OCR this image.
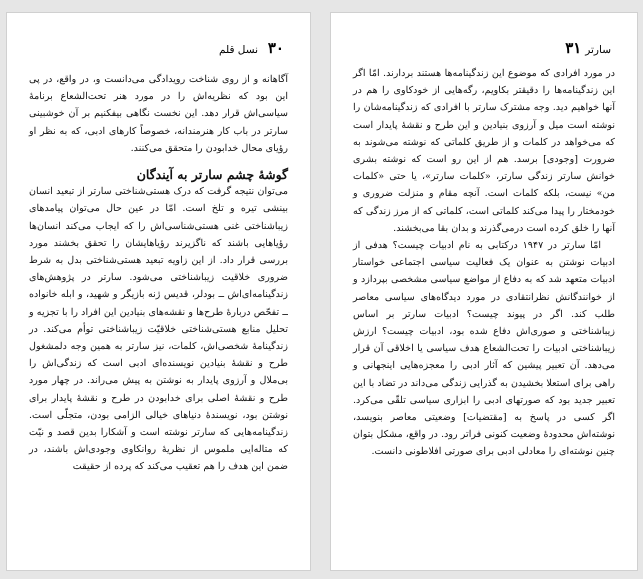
۳۰ نسل قلم

آگاهانه و از روی شناخت رویدادگی می‌دانست و، در واقع، در پی این بود که نظریه‌اش را در مورد هنر تحت‌الشعاع برنامهٔ سیاسی‌اش قرار دهد. این نخست نگاهی بیفکنیم بر آن خوشبینی سارتر در باب کار هنرمندانه، خصوصاً کارهای ادبی، که به نظر او رؤیای محال خدابودن را متحقق می‌کنند.

گوشهٔ چشم سارتر به آیندگان

می‌توان نتیجه گرفت که درک هستی‌شناختی سارتر از تبعید انسان بینشی تیره و تلخ است. امّا در عین حال می‌توان پیامدهای زیباشناختی غنی هستی‌شناسی‌اش را که ایجاب می‌کند انسان‌ها رؤیاهایی باشند که ناگزیرند رؤیاهایشان را تحقق بخشند مورد بررسی قرار داد. از این زاویه تبعید هستی‌شناختی بدل به شرط ضروری خلاقیت زیباشناختی می‌شود. سارتر در پژوهش‌های زندگینامه‌ای‌اش ــ بودلر، قدیس ژنه بازیگر و شهید، و ابله خانواده ــ تفحّص دربارهٔ طرح‌ها و نقشه‌های بنیادین این افراد را با تجزیه و تحلیل منابع هستی‌شناختی خلاقیّت زیباشناختی توأم می‌کند. در زندگینامهٔ شخصی‌اش، کلمات، نیز سارتر به همین وجه دلمشغول طرح و نقشهٔ بنیادین نویسنده‌ای ادبی است که زندگی‌اش را بی‌ملال و آرزوی پایدار به نوشتن به پیش می‌راند. در چهار مورد طرح و نقشهٔ اصلی برای خدابودن در طرح و نقشهٔ پایدار برای نوشتن بود، نویسندهٔ دنیاهای خیالی الزامی بودن، متجلّی است. زندگینامه‌هایی که سارتر نوشته است و آشکارا بدین قصد و نیّت که متاله‌ایی ملموس از نظریهٔ روانکاوی وجودی‌اش باشند، در ضمن این هدف را هم تعقیب می‌کند که پرده از حقیقت

سارتر ۳۱

در مورد افرادی که موضوع این زندگینامه‌ها هستند بردارند. امّا اگر این زندگینامه‌ها را دقیقتر بکاویم، رگه‌هایی از خودکاوی را هم در آنها خواهیم دید. وجه مشترک سارتر با افرادی که زندگینامه‌شان را نوشته است میل و آرزوی بنیادین و این طرح و نقشهٔ پایدار است که می‌خواهد در کلمات و از طریق کلماتی که نوشته می‌شوند به ضرورت [وجودی] برسد. هم از این رو است که نوشته بشری خوانش سارتر زندگی سارتر، «کلمات سارتر»، یا حتی «کلمات من» نیست، بلکه کلمات است. آنچه مقام و منزلت ضروری و خودمختار را پیدا می‌کند کلماتی است، کلماتی که از مرز زندگی که آنها را خلق کرده است درمی‌گذرند و بدان بقا می‌بخشند.

امّا سارتر در ۱۹۴۷ درکتابی به نام ادبیات چیست؟ هدفی از ادبیات نوشتن به عنوان یک فعالیت سیاسی اجتماعی خواستار ادبیات متعهد شد که به دفاع از مواضع سیاسی مشخصی بپردازد و از خوانندگانش نظرانتقادی در مورد دیدگاه‌های سیاسی معاصر طلب کند. اگر در پیوند چیست؟ ادبیات سارتر بر اساس زیباشناختی و صوری‌اش دفاع شده بود، ادبیات چیست؟ ارزش زیباشناختی ادبیات را تحت‌الشعاع هدف سیاسی یا اخلاقی آن قرار می‌دهد. آن تعبیر پیشین که آثار ادبی را معجزه‌هایی اینجهانی و راهی برای استعلا بخشیدن به گذرایی زندگی می‌داند در تضاد با این تعبیر جدید بود که صورتهای ادبی را ابزاری سیاسی تلقّی می‌کرد. اگر کسی در پاسخ به [مقتضیات] وضعیتی معاصر بنویسد، نوشته‌اش محدودهٔ وضعیت کنونی فراتر رود. در واقع، مشکل بتوان چنین نوشته‌ای را معادلی ادبی برای صورتی افلاطونی دانست.
